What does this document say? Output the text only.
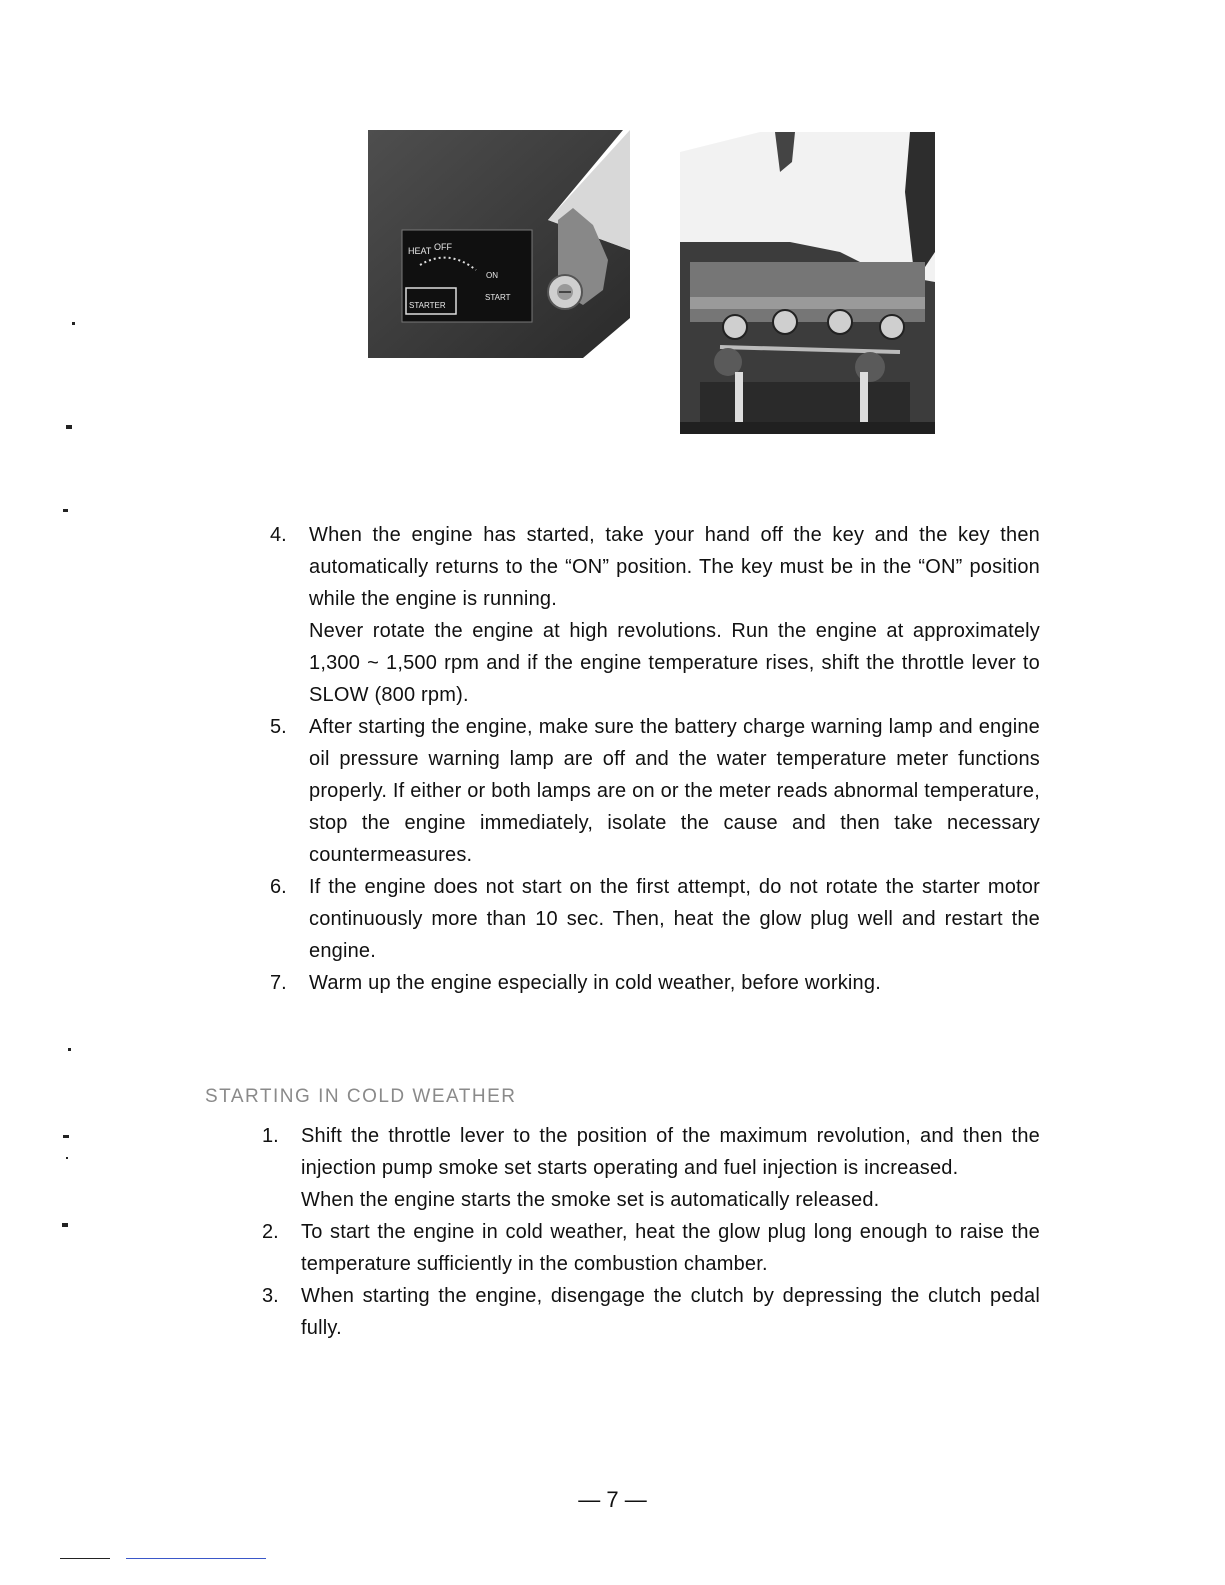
HEAT OFF
ON
STARTER
START
4. When the engine has started, take your hand off the key and the key then automatically returns to the “ON” position. The key must be in the “ON” position while the engine is running.

Never rotate the engine at high revolutions. Run the engine at approximately 1,300 ~ 1,500 rpm and if the engine temperature rises, shift the throttle lever to SLOW (800 rpm).

5. After starting the engine, make sure the battery charge warning lamp and engine oil pressure warning lamp are off and the water temperature meter functions properly. If either or both lamps are on or the meter reads abnormal temperature, stop the engine immediately, isolate the cause and then take necessary countermeasures.

6. If the engine does not start on the first attempt, do not rotate the starter motor continuously more than 10 sec. Then, heat the glow plug well and restart the engine.

7. Warm up the engine especially in cold weather, before working.

STARTING IN COLD WEATHER
1. Shift the throttle lever to the position of the maximum revolution, and then the injection pump smoke set starts operating and fuel injection is increased.

When the engine starts the smoke set is automatically released.

2. To start the engine in cold weather, heat the glow plug long enough to raise the temperature sufficiently in the combustion chamber.

3. When starting the engine, disengage the clutch by depressing the clutch pedal fully.

— 7 —
